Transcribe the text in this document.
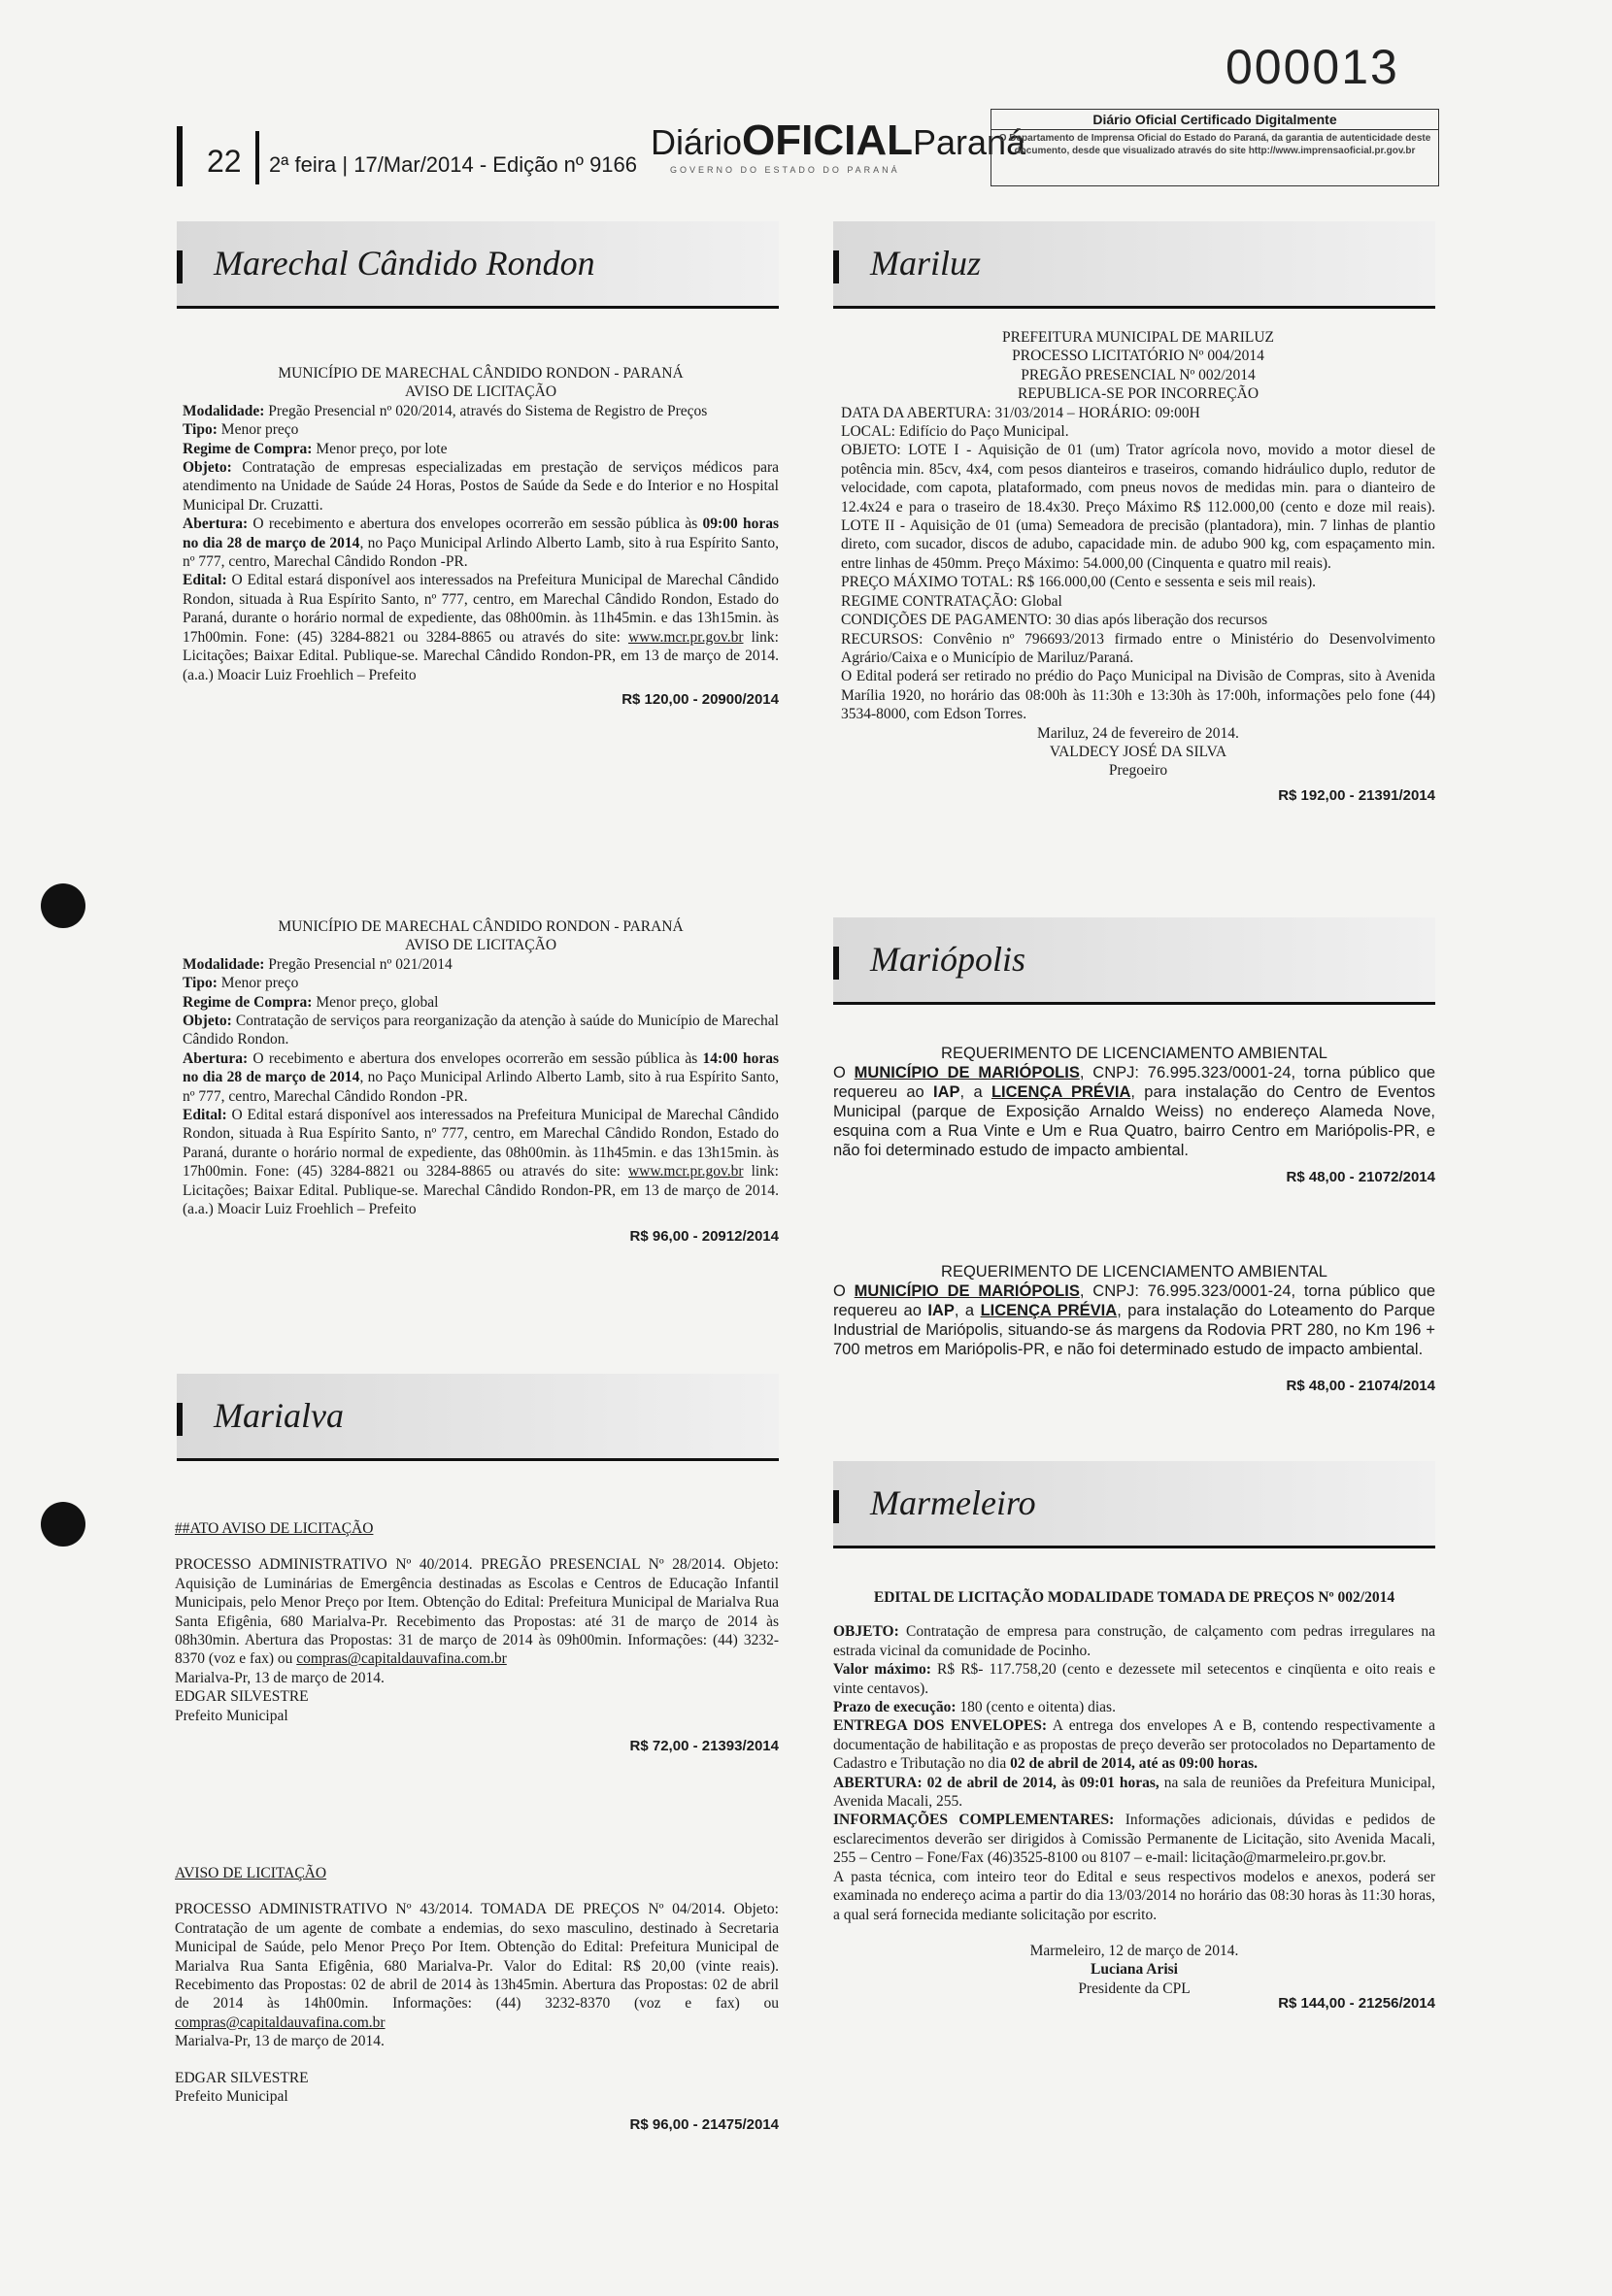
000013
22 2ª feira | 17/Mar/2014 - Edição nº 9166
DiárioOFICIALParaná
GOVERNO DO ESTADO DO PARANÁ
Diário Oficial Certificado Digitalmente
O Departamento de Imprensa Oficial do Estado do Paraná, da garantia de autenticidade deste documento, desde que visualizado através do site http://www.imprensaoficial.pr.gov.br
Marechal Cândido Rondon	Mariluz
Mariópolis
Marialva
Marmeleiro

MUNICÍPIO DE MARECHAL CÂNDIDO RONDON - PARANÁ

AVISO DE LICITAÇÃO

Modalidade: Pregão Presencial nº 020/2014, através do Sistema de Registro de Preços

Tipo: Menor preço

Regime de Compra: Menor preço, por lote

Objeto: Contratação de empresas especializadas em prestação de serviços médicos para atendimento na Unidade de Saúde 24 Horas, Postos de Saúde da Sede e do Interior e no Hospital Municipal Dr. Cruzatti.

Abertura: O recebimento e abertura dos envelopes ocorrerão em sessão pública às 09:00 horas no dia 28 de março de 2014, no Paço Municipal Arlindo Alberto Lamb, sito à rua Espírito Santo, nº 777, centro, Marechal Cândido Rondon -PR.

Edital: O Edital estará disponível aos interessados na Prefeitura Municipal de Marechal Cândido Rondon, situada à Rua Espírito Santo, nº 777, centro, em Marechal Cândido Rondon, Estado do Paraná, durante o horário normal de expediente, das 08h00min. às 11h45min. e das 13h15min. às 17h00min. Fone: (45) 3284-8821 ou 3284-8865 ou através do site: www.mcr.pr.gov.br link: Licitações; Baixar Edital. Publique-se. Marechal Cândido Rondon-PR, em 13 de março de 2014. (a.a.) Moacir Luiz Froehlich – Prefeito

R$ 120,00 - 20900/2014

MUNICÍPIO DE MARECHAL CÂNDIDO RONDON - PARANÁ

AVISO DE LICITAÇÃO

Modalidade: Pregão Presencial nº 021/2014

Tipo: Menor preço

Regime de Compra: Menor preço, global

Objeto: Contratação de serviços para reorganização da atenção à saúde do Município de Marechal Cândido Rondon.

Abertura: O recebimento e abertura dos envelopes ocorrerão em sessão pública às 14:00 horas no dia 28 de março de 2014, no Paço Municipal Arlindo Alberto Lamb, sito à rua Espírito Santo, nº 777, centro, Marechal Cândido Rondon -PR.

Edital: O Edital estará disponível aos interessados na Prefeitura Municipal de Marechal Cândido Rondon, situada à Rua Espírito Santo, nº 777, centro, em Marechal Cândido Rondon, Estado do Paraná, durante o horário normal de expediente, das 08h00min. às 11h45min. e das 13h15min. às 17h00min. Fone: (45) 3284-8821 ou 3284-8865 ou através do site: www.mcr.pr.gov.br link: Licitações; Baixar Edital. Publique-se. Marechal Cândido Rondon-PR, em 13 de março de 2014. (a.a.) Moacir Luiz Froehlich – Prefeito

R$ 96,00 - 20912/2014

##ATO AVISO DE LICITAÇÃO

PROCESSO ADMINISTRATIVO Nº 40/2014. PREGÃO PRESENCIAL Nº 28/2014. Objeto: Aquisição de Luminárias de Emergência destinadas as Escolas e Centros de Educação Infantil Municipais, pelo Menor Preço por Item. Obtenção do Edital: Prefeitura Municipal de Marialva Rua Santa Efigênia, 680 Marialva-Pr. Recebimento das Propostas: até 31 de março de 2014 às 08h30min. Abertura das Propostas: 31 de março de 2014 às 09h00min. Informações: (44) 3232-8370 (voz e fax) ou compras@capitaldauvafina.com.br

Marialva-Pr, 13 de março de 2014.

EDGAR SILVESTRE

Prefeito Municipal

R$ 72,00 - 21393/2014

AVISO DE LICITAÇÃO

PROCESSO ADMINISTRATIVO Nº 43/2014. TOMADA DE PREÇOS Nº 04/2014. Objeto: Contratação de um agente de combate a endemias, do sexo masculino, destinado à Secretaria Municipal de Saúde, pelo Menor Preço Por Item. Obtenção do Edital: Prefeitura Municipal de Marialva Rua Santa Efigênia, 680 Marialva-Pr. Valor do Edital: R$ 20,00 (vinte reais). Recebimento das Propostas: 02 de abril de 2014 às 13h45min. Abertura das Propostas: 02 de abril de 2014 às 14h00min. Informações: (44) 3232-8370 (voz e fax) ou compras@capitaldauvafina.com.br

Marialva-Pr, 13 de março de 2014.

EDGAR SILVESTRE

Prefeito Municipal

R$ 96,00 - 21475/2014

PREFEITURA MUNICIPAL DE MARILUZ

PROCESSO LICITATÓRIO Nº 004/2014

PREGÃO PRESENCIAL Nº 002/2014

REPUBLICA-SE POR INCORREÇÃO

DATA DA ABERTURA: 31/03/2014 – HORÁRIO: 09:00H

LOCAL: Edifício do Paço Municipal.

OBJETO: LOTE I - Aquisição de 01 (um) Trator agrícola novo, movido a motor diesel de potência min. 85cv, 4x4, com pesos dianteiros e traseiros, comando hidráulico duplo, redutor de velocidade, com capota, plataformado, com pneus novos de medidas min. para o dianteiro de 12.4x24 e para o traseiro de 18.4x30. Preço Máximo R$ 112.000,00 (cento e doze mil reais). LOTE II - Aquisição de 01 (uma) Semeadora de precisão (plantadora), min. 7 linhas de plantio direto, com sucador, discos de adubo, capacidade min. de adubo 900 kg, com espaçamento min. entre linhas de 450mm. Preço Máximo: 54.000,00 (Cinquenta e quatro mil reais).

PREÇO MÁXIMO TOTAL: R$ 166.000,00 (Cento e sessenta e seis mil reais).

REGIME CONTRATAÇÃO: Global

CONDIÇÕES DE PAGAMENTO: 30 dias após liberação dos recursos

RECURSOS: Convênio nº 796693/2013 firmado entre o Ministério do Desenvolvimento Agrário/Caixa e o Município de Mariluz/Paraná.

O Edital poderá ser retirado no prédio do Paço Municipal na Divisão de Compras, sito à Avenida Marília 1920, no horário das 08:00h às 11:30h e 13:30h às 17:00h, informações pelo fone (44) 3534-8000, com Edson Torres.

Mariluz, 24 de fevereiro de 2014.

VALDECY JOSÉ DA SILVA

Pregoeiro

R$ 192,00 - 21391/2014

REQUERIMENTO DE LICENCIAMENTO AMBIENTAL

O MUNICÍPIO DE MARIÓPOLIS, CNPJ: 76.995.323/0001-24, torna público que requereu ao IAP, a LICENÇA PRÉVIA, para instalação do Centro de Eventos Municipal (parque de Exposição Arnaldo Weiss) no endereço Alameda Nove, esquina com a Rua Vinte e Um e Rua Quatro, bairro Centro em Mariópolis-PR, e não foi determinado estudo de impacto ambiental.

R$ 48,00 - 21072/2014

REQUERIMENTO DE LICENCIAMENTO AMBIENTAL

O MUNICÍPIO DE MARIÓPOLIS, CNPJ: 76.995.323/0001-24, torna público que requereu ao IAP, a LICENÇA PRÉVIA, para instalação do Loteamento do Parque Industrial de Mariópolis, situando-se ás margens da Rodovia PRT 280, no Km 196 + 700 metros em Mariópolis-PR, e não foi determinado estudo de impacto ambiental.

R$ 48,00 - 21074/2014

EDITAL DE LICITAÇÃO MODALIDADE TOMADA DE PREÇOS Nº 002/2014

OBJETO: Contratação de empresa para construção, de calçamento com pedras irregulares na estrada vicinal da comunidade de Pocinho.

Valor máximo: R$ R$- 117.758,20 (cento e dezessete mil setecentos e cinqüenta e oito reais e vinte centavos).

Prazo de execução: 180 (cento e oitenta) dias.

ENTREGA DOS ENVELOPES: A entrega dos envelopes A e B, contendo respectivamente a documentação de habilitação e as propostas de preço deverão ser protocolados no Departamento de Cadastro e Tributação no dia 02 de abril de 2014, até as 09:00 horas.

ABERTURA: 02 de abril de 2014, às 09:01 horas, na sala de reuniões da Prefeitura Municipal, Avenida Macali, 255.

INFORMAÇÕES COMPLEMENTARES: Informações adicionais, dúvidas e pedidos de esclarecimentos deverão ser dirigidos à Comissão Permanente de Licitação, sito Avenida Macali, 255 – Centro – Fone/Fax (46)3525-8100 ou 8107 – e-mail: licitação@marmeleiro.pr.gov.br.

A pasta técnica, com inteiro teor do Edital e seus respectivos modelos e anexos, poderá ser examinada no endereço acima a partir do dia 13/03/2014 no horário das 08:30 horas às 11:30 horas, a qual será fornecida mediante solicitação por escrito.

Marmeleiro, 12 de março de 2014.

Luciana Arisi

Presidente da CPL

R$ 144,00 - 21256/2014
